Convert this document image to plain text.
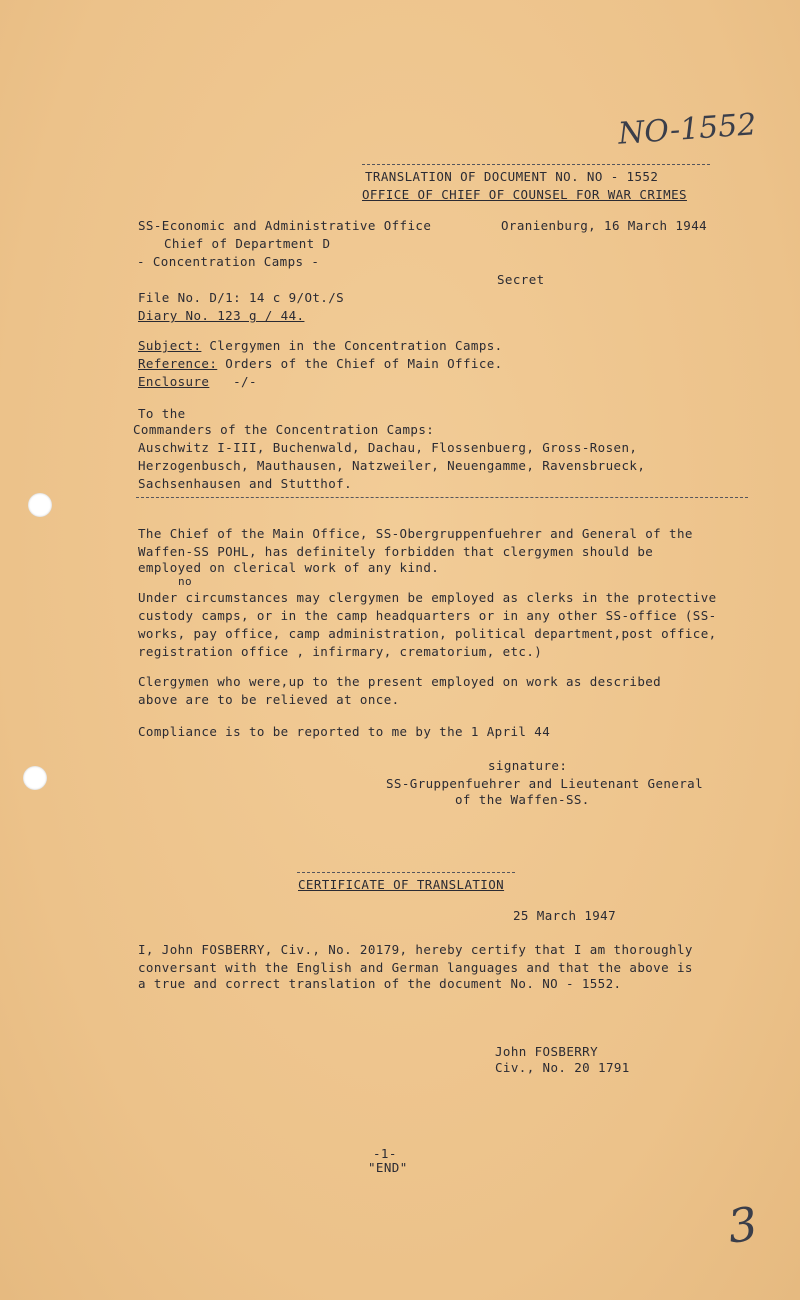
NO-1552
TRANSLATION OF DOCUMENT NO. NO - 1552
OFFICE OF CHIEF OF COUNSEL FOR WAR CRIMES
SS-Economic and Administrative Office	Oranienburg, 16 March 1944
Chief of Department D
- Concentration Camps -
Secret
File No. D/1: 14 c 9/Ot./S
Diary No. 123 g / 44.
Subject: Clergymen in the Concentration Camps.
Reference: Orders of the Chief of Main Office.
Enclosure -/-
To the
Commanders of the Concentration Camps:
Auschwitz I-III, Buchenwald, Dachau, Flossenbuerg, Gross-Rosen,
Herzogenbusch, Mauthausen, Natzweiler, Neuengamme, Ravensbrueck,
Sachsenhausen and Stutthof.
The Chief of the Main Office, SS-Obergruppenfuehrer and General of the
Waffen-SS POHL, has definitely forbidden that clergymen should be
employed on clerical work of any kind.
no
Under circumstances may clergymen be employed as clerks in the protective
custody camps, or in the camp headquarters or in any other SS-office (SS-
works, pay office, camp administration, political department,post office,
registration office , infirmary, crematorium, etc.)
Clergymen who were,up to the present employed on work as described
above are to be relieved at once.
Compliance is to be reported to me by the 1 April 44
signature:
SS-Gruppenfuehrer and Lieutenant General
of the Waffen-SS.
CERTIFICATE OF TRANSLATION
25 March 1947
I, John FOSBERRY, Civ., No. 20179, hereby certify that I am thoroughly
conversant with the English and German languages and that the above is
a true and correct translation of the document No. NO - 1552.
John FOSBERRY
Civ., No. 20 1791
-1-
"END"
3
